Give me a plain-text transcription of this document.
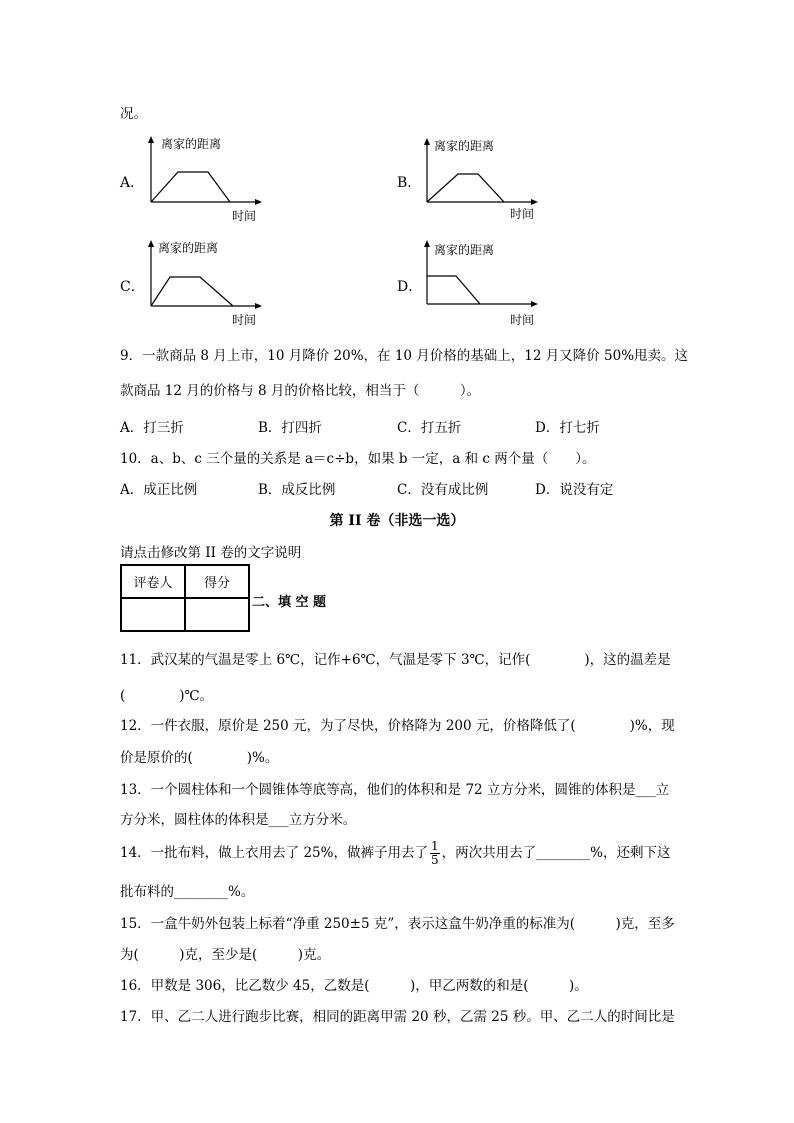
况。
A．
离家的距离
时间
B．
离家的距离
时间
C．
离家的距离
时间
D．
离家的距离
时间
9．一款商品 8 月上市，10 月降价 20%，在 10 月价格的基础上，12 月又降价 50%甩卖。这
款商品 12 月的价格与 8 月的价格比较，相当于（　　　）。
A．打三折	B．打四折	C．打五折	D．打七折
10．a、b、c 三个量的关系是 a＝c÷b，如果 b 一定，a 和 c 两个量（　　）。
A．成正比例	B．成反比例	C．没有成比例	D．说没有定
第 II 卷（非选一选）
请点击修改第 II 卷的文字说明
评卷人	得分

二、填 空 题
11．武汉某的气温是零上 6℃，记作+6℃，气温是零下 3℃，记作(　　　　)，这的温差是
(　　　　)℃。
12．一件衣服，原价是 250 元，为了尽快，价格降为 200 元，价格降低了(　　　　)%，现
价是原价的(　　　　)%。
13．一个圆柱体和一个圆锥体等底等高，他们的体积和是 72 立方分米，圆锥的体积是___立
方分米，圆柱体的体积是___立方分米。
14．一批布料，做上衣用去了 25%，做裤子用去了 $\frac{1}{5}$ ，两次共用去了________%，还剩下这
批布料的________%。
15．一盒牛奶外包装上标着“净重 250±5 克”，表示这盒牛奶净重的标准为(　　　)克，至多
为(　　　)克，至少是(　　　)克。
16．甲数是 306，比乙数少 45，乙数是(　　　)，甲乙两数的和是(　　　)。
17．甲、乙二人进行跑步比赛，相同的距离甲需 20 秒，乙需 25 秒。甲、乙二人的时间比是
